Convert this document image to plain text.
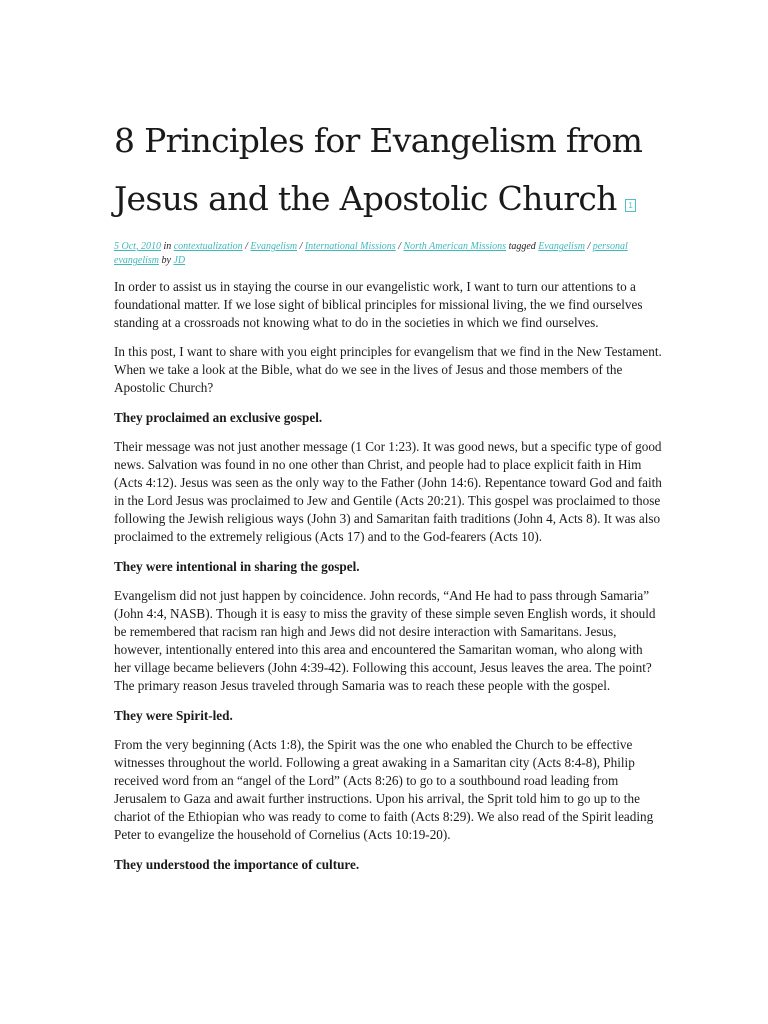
8 Principles for Evangelism from Jesus and the Apostolic Church 1
5 Oct, 2010 in contextualization / Evangelism / International Missions / North American Missions tagged Evangelism / personal evangelism by JD

In order to assist us in staying the course in our evangelistic work, I want to turn our attentions to a foundational matter. If we lose sight of biblical principles for missional living, the we find ourselves standing at a crossroads not knowing what to do in the societies in which we find ourselves.

In this post, I want to share with you eight principles for evangelism that we find in the New Testament. When we take a look at the Bible, what do we see in the lives of Jesus and those members of the Apostolic Church?

They proclaimed an exclusive gospel.

Their message was not just another message (1 Cor 1:23). It was good news, but a specific type of good news. Salvation was found in no one other than Christ, and people had to place explicit faith in Him (Acts 4:12). Jesus was seen as the only way to the Father (John 14:6). Repentance toward God and faith in the Lord Jesus was proclaimed to Jew and Gentile (Acts 20:21). This gospel was proclaimed to those following the Jewish religious ways (John 3) and Samaritan faith traditions (John 4, Acts 8). It was also proclaimed to the extremely religious (Acts 17) and to the God-fearers (Acts 10).

They were intentional in sharing the gospel.

Evangelism did not just happen by coincidence. John records, “And He had to pass through Samaria” (John 4:4, NASB). Though it is easy to miss the gravity of these simple seven English words, it should be remembered that racism ran high and Jews did not desire interaction with Samaritans. Jesus, however, intentionally entered into this area and encountered the Samaritan woman, who along with her village became believers (John 4:39-42). Following this account, Jesus leaves the area. The point? The primary reason Jesus traveled through Samaria was to reach these people with the gospel.

They were Spirit-led.

From the very beginning (Acts 1:8), the Spirit was the one who enabled the Church to be effective witnesses throughout the world. Following a great awaking in a Samaritan city (Acts 8:4-8), Philip received word from an “angel of the Lord” (Acts 8:26) to go to a southbound road leading from Jerusalem to Gaza and await further instructions. Upon his arrival, the Sprit told him to go up to the chariot of the Ethiopian who was ready to come to faith (Acts 8:29). We also read of the Spirit leading Peter to evangelize the household of Cornelius (Acts 10:19-20).

They understood the importance of culture.
